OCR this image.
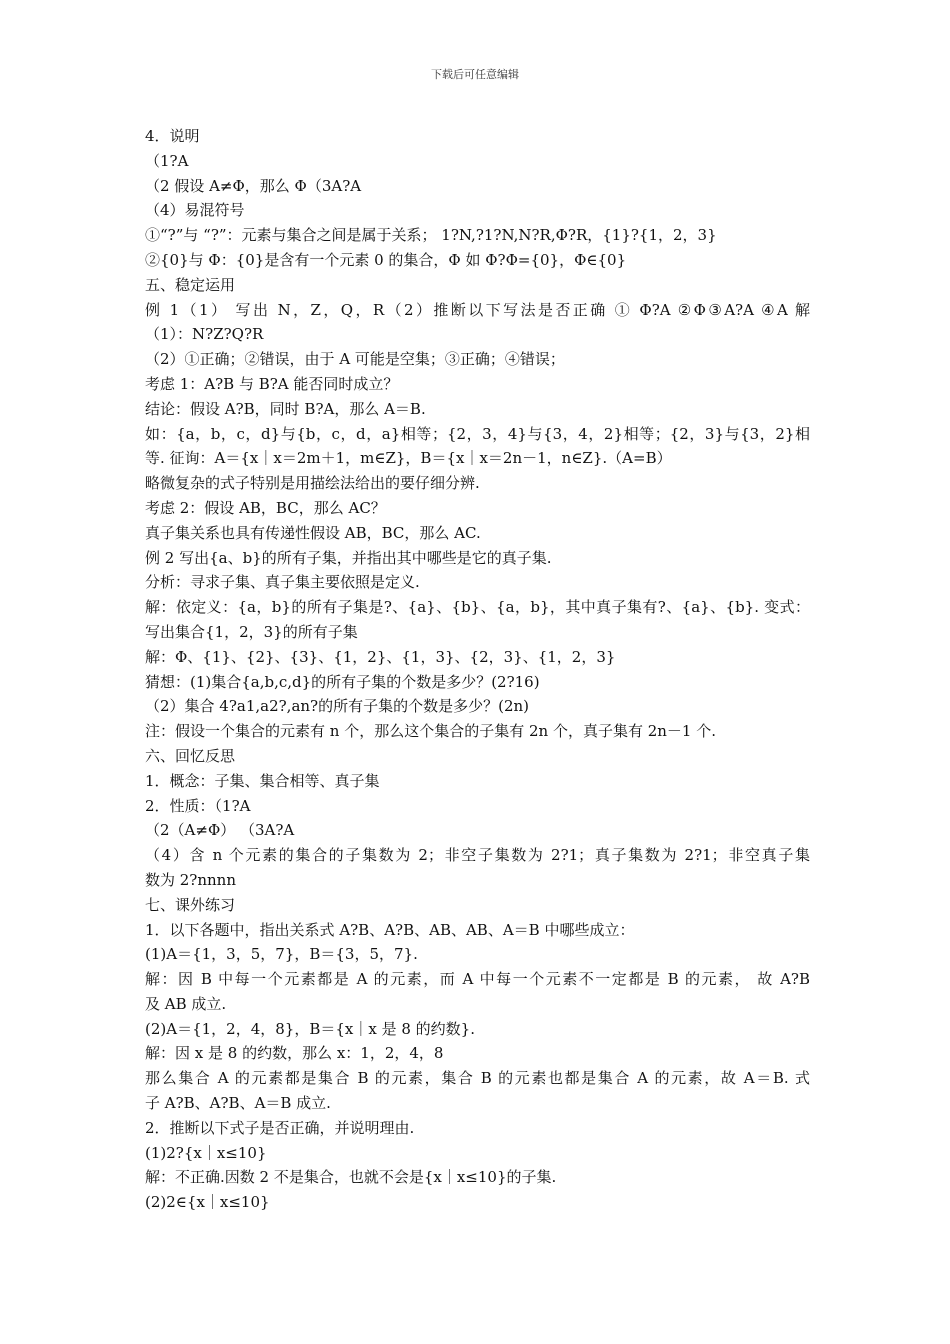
下载后可任意编辑
4．说明
（1?A
（2 假设 A≠Φ，那么 Φ（3A?A
（4）易混符号
①“?”与 “?”：元素与集合之间是属于关系； 1?N,?1?N,N?R,Φ?R，{1}?{1，2，3}
②{0}与 Φ：{0}是含有一个元素 0 的集合，Φ 如 Φ?Φ={0}，Φ∈{0}
五、稳定运用
例 1（1） 写出 N，Z，Q，R（2）推断以下写法是否正确 ① Φ?A ②Φ③A?A ④A 解
（1）：N?Z?Q?R
（2）①正确；②错误，由于 A 可能是空集；③正确；④错误；
考虑 1：A?B 与 B?A 能否同时成立？
结论：假设 A?B，同时 B?A，那么 A＝B.
如：{a，b，c，d}与{b，c，d，a}相等；{2，3，4}与{3，4，2}相等；{2，3}与{3，2}相
等. 征询：A＝{x｜x＝2m＋1，m∈Z}，B＝{x｜x＝2n－1，n∈Z}.（A=B）
略微复杂的式子特别是用描绘法给出的要仔细分辨.
考虑 2：假设 AB，BC，那么 AC？
真子集关系也具有传递性假设 AB，BC，那么 AC.
例 2 写出{a、b}的所有子集，并指出其中哪些是它的真子集.
分析：寻求子集、真子集主要依照是定义.
解：依定义：{a，b}的所有子集是?、{a}、{b}、{a，b}，其中真子集有?、{a}、{b}. 变式：
写出集合{1，2，3}的所有子集
解：Φ、{1}、{2}、{3}、{1，2}、{1，3}、{2，3}、{1，2，3}
猜想：(1)集合{a,b,c,d}的所有子集的个数是多少？(2?16)
（2）集合 4?a1,a2?,an?的所有子集的个数是多少？(2n)
注：假设一个集合的元素有 n 个，那么这个集合的子集有 2n 个，真子集有 2n－1 个.
六、回忆反思
1．概念：子集、集合相等、真子集
2．性质：（1?A
（2（A≠Φ） （3A?A
（4）含 n 个元素的集合的子集数为 2；非空子集数为 2?1；真子集数为 2?1；非空真子集
数为 2?nnnn
七、课外练习
1．以下各题中，指出关系式 A?B、A?B、AB、AB、A＝B 中哪些成立：
(1)A＝{1，3，5，7}，B＝{3，5，7}.
解：因 B 中每一个元素都是 A 的元素，而 A 中每一个元素不一定都是 B 的元素， 故 A?B
及 AB 成立.
(2)A＝{1，2，4，8}，B＝{x｜x 是 8 的约数}.
解：因 x 是 8 的约数，那么 x：1，2，4，8
那么集合 A 的元素都是集合 B 的元素，集合 B 的元素也都是集合 A 的元素，故 A＝B. 式
子 A?B、A?B、A＝B 成立.
2．推断以下式子是否正确，并说明理由.
(1)2?{x｜x≤10}
解：不正确.因数 2 不是集合，也就不会是{x｜x≤10}的子集.
(2)2∈{x｜x≤10}
